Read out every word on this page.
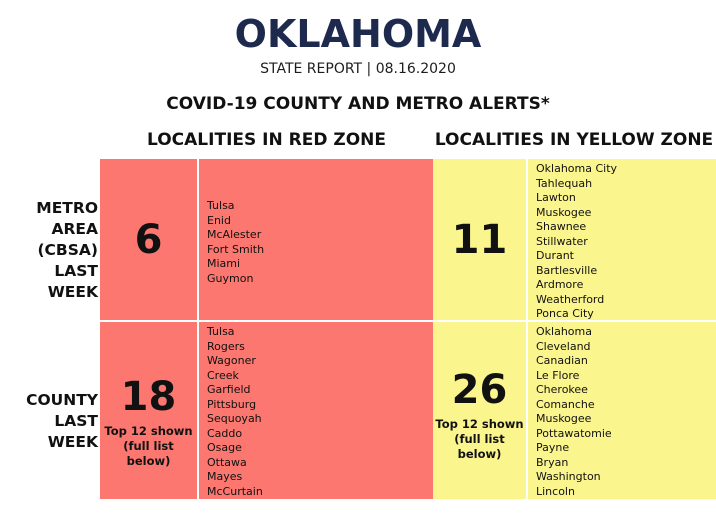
OKLAHOMA
STATE REPORT | 08.16.2020
COVID-19 COUNTY AND METRO ALERTS*
LOCALITIES IN RED ZONE	LOCALITIES IN YELLOW ZONE
METRO
AREA
(CBSA)
LAST WEEK
COUNTY
LAST WEEK
6
Tulsa
Enid
McAlester
Fort Smith
Miami
Guymon
11
Oklahoma City
Tahlequah
Lawton
Muskogee
Shawnee
Stillwater
Durant
Bartlesville
Ardmore
Weatherford
Ponca City
18
Top 12 shown
(full list
below)
Tulsa
Rogers
Wagoner
Creek
Garfield
Pittsburg
Sequoyah
Caddo
Osage
Ottawa
Mayes
McCurtain
26
Top 12 shown
(full list
below)
Oklahoma
Cleveland
Canadian
Le Flore
Cherokee
Comanche
Muskogee
Pottawatomie
Payne
Bryan
Washington
Lincoln
